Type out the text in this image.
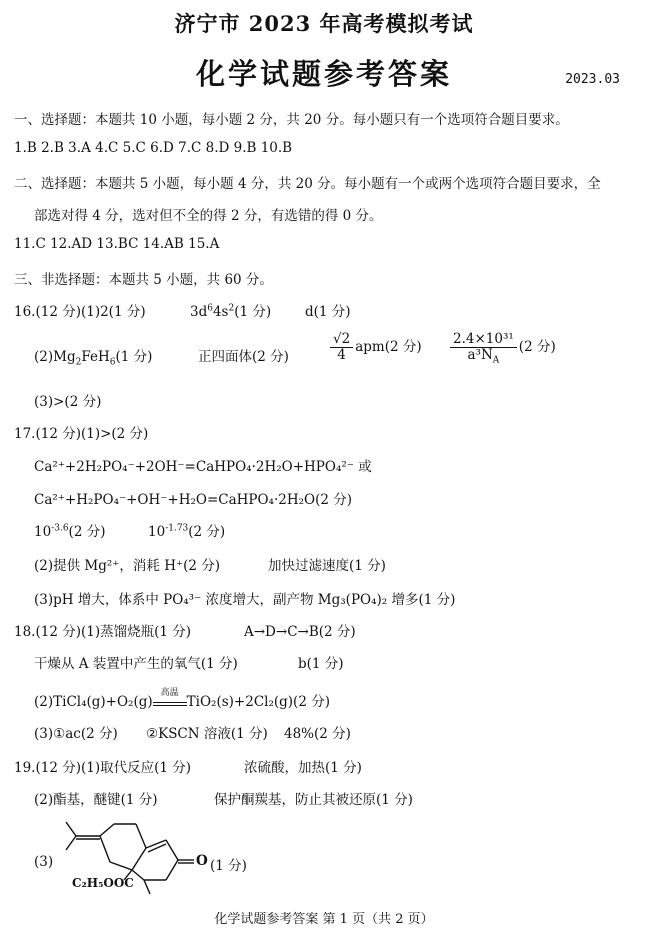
济宁市 2023 年高考模拟考试
化学试题参考答案	2023.03
一、选择题：本题共 10 小题，每小题 2 分，共 20 分。每小题只有一个选项符合题目要求。
1.B 2.B 3.A 4.C 5.C 6.D 7.C 8.D 9.B 10.B
二、选择题：本题共 5 小题，每小题 4 分，共 20 分。每小题有一个或两个选项符合题目要求，全
部选对得 4 分，选对但不全的得 2 分，有选错的得 0 分。
11.C 12.AD 13.BC 14.AB 15.A
三、非选择题：本题共 5 小题，共 60 分。
16.(12 分)(1)2(1 分)	$3d^64s^2(1$ 分)	d(1 分)
$(2)Mg_2FeH_6(1$ 分)	正四面体(2 分)	$\frac{√2}{4} apm(2$ 分) $\frac{\text{2.4×10³¹}}{a^3N_A} (2$ 分)
(3)>(2 分)
17.(12 分)(1)>(2 分)
Ca²⁺+2H₂PO₄⁻+2OH⁻=CaHPO₄·2H₂O+HPO₄²⁻ 或
Ca²⁺+H₂PO₄⁻+OH⁻+H₂O=CaHPO₄·2H₂O(2 分)
$10^{-3.6}(2$ 分)	$10^{-1.73}(2$ 分)
(2)提供 Mg²⁺，消耗 H⁺(2 分)	加快过滤速度(1 分)
(3)pH 增大，体系中 PO₄³⁻ 浓度增大，副产物 Mg₃(PO₄)₂ 增多(1 分)
18.(12 分)(1)蒸馏烧瓶(1 分)	A→D→C→B(2 分)
干燥从 A 装置中产生的氧气(1 分)	b(1 分)
(2)TiCl₄(g)+O₂(g)
高温
TiO₂(s)+2Cl₂(g)(2 分)
(3)①ac(2 分) ②KSCN 溶液(1 分) 48%(2 分)
19.(12 分)(1)取代反应(1 分)	浓硫酸，加热(1 分)
(2)酯基，醚键(1 分)	保护酮羰基，防止其被还原(1 分)
(3)	O (1 分)
C₂H₅OOC
化学试题参考答案 第 1 页（共 2 页）
